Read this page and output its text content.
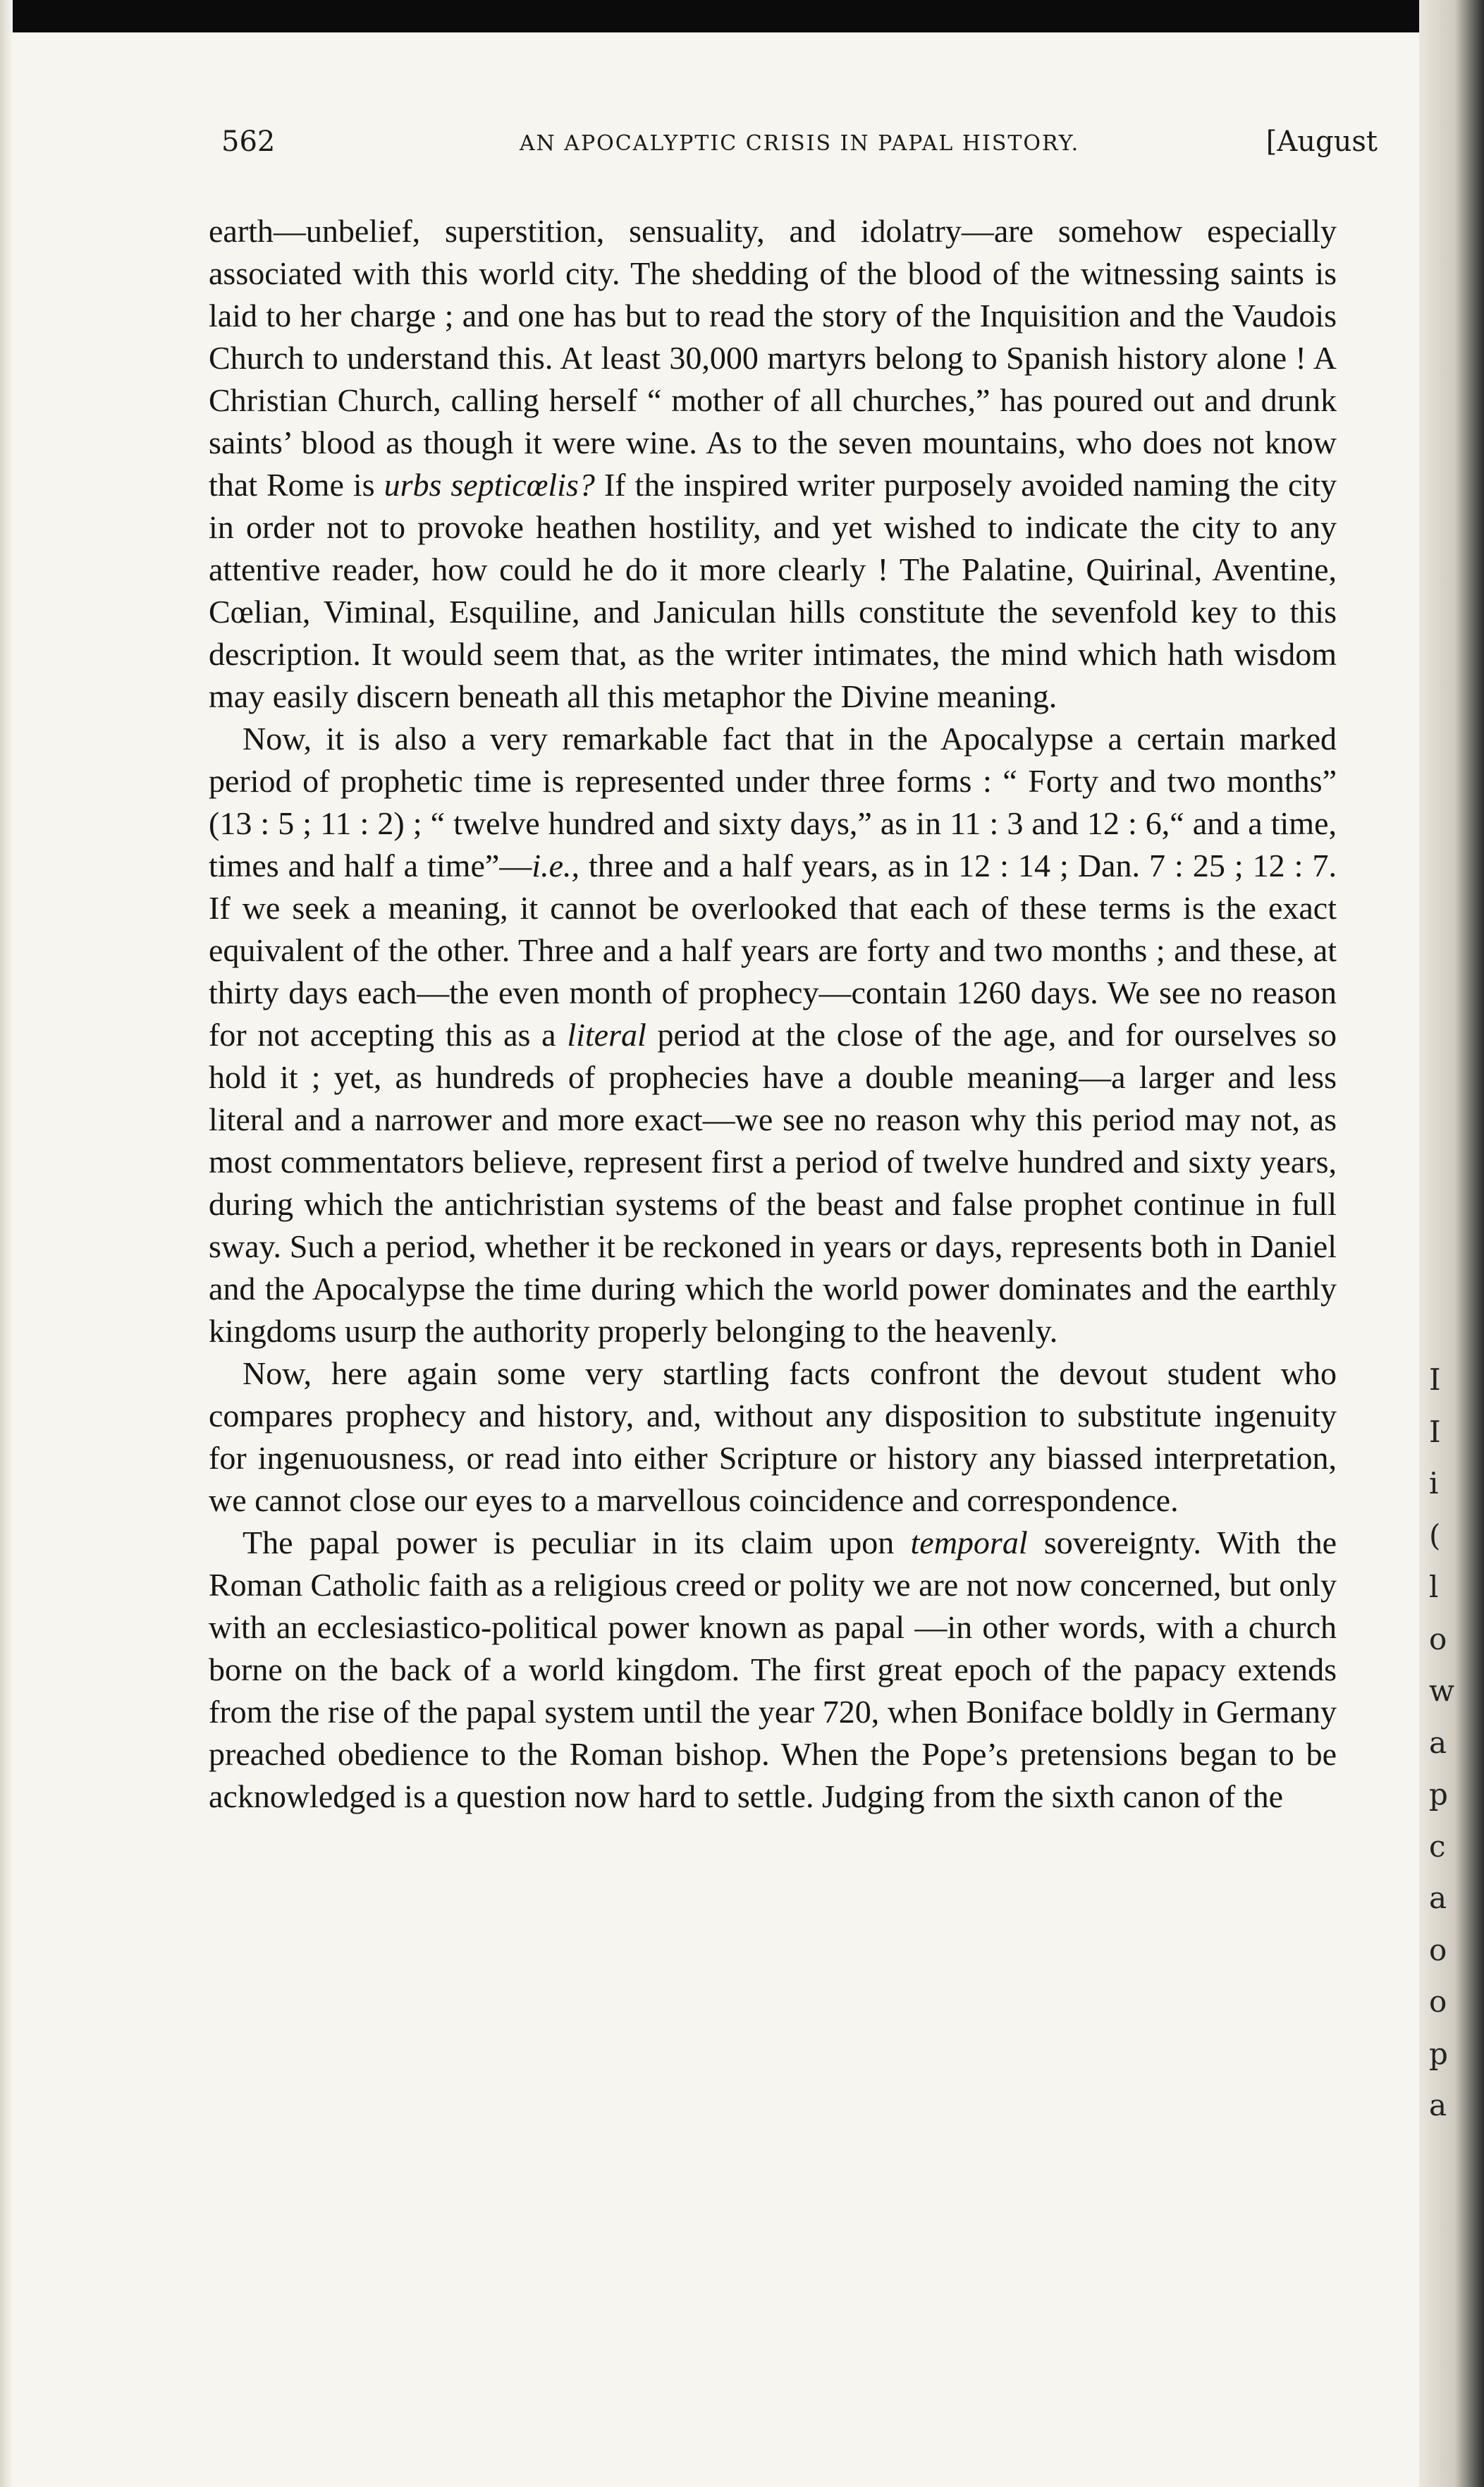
I
I
i
(
l
o
w
a
p
c
a
o
o
p
a
562	AN APOCALYPTIC CRISIS IN PAPAL HISTORY.	[August

earth—unbelief, superstition, sensuality, and idolatry—are somehow especially associated with this world city. The shedding of the blood of the witnessing saints is laid to her charge ; and one has but to read the story of the Inquisition and the Vaudois Church to understand this. At least 30,000 martyrs belong to Spanish history alone ! A Christian Church, calling herself “ mother of all churches,” has poured out and drunk saints’ blood as though it were wine. As to the seven mountains, who does not know that Rome is urbs septicœlis? If the inspired writer purposely avoided naming the city in order not to provoke heathen hostility, and yet wished to indicate the city to any attentive reader, how could he do it more clearly ! The Palatine, Quirinal, Aventine, Cœlian, Viminal, Esquiline, and Janiculan hills constitute the sevenfold key to this description. It would seem that, as the writer intimates, the mind which hath wisdom may easily discern beneath all this metaphor the Divine meaning.

Now, it is also a very remarkable fact that in the Apocalypse a certain marked period of prophetic time is represented under three forms : “ Forty and two months” (13 : 5 ; 11 : 2) ; “ twelve hundred and sixty days,” as in 11 : 3 and 12 : 6,“ and a time, times and half a time”—i.e., three and a half years, as in 12 : 14 ; Dan. 7 : 25 ; 12 : 7. If we seek a meaning, it cannot be overlooked that each of these terms is the exact equivalent of the other. Three and a half years are forty and two months ; and these, at thirty days each—the even month of prophecy—contain 1260 days. We see no reason for not accepting this as a literal period at the close of the age, and for ourselves so hold it ; yet, as hundreds of prophecies have a double meaning—a larger and less literal and a narrower and more exact—we see no reason why this period may not, as most commentators believe, represent first a period of twelve hundred and sixty years, during which the antichristian systems of the beast and false prophet continue in full sway. Such a period, whether it be reckoned in years or days, represents both in Daniel and the Apocalypse the time during which the world power dominates and the earthly kingdoms usurp the authority properly belonging to the heavenly.

Now, here again some very startling facts confront the devout student who compares prophecy and history, and, without any disposition to substitute ingenuity for ingenuousness, or read into either Scripture or history any biassed interpretation, we cannot close our eyes to a marvellous coincidence and correspondence.

The papal power is peculiar in its claim upon temporal sovereignty. With the Roman Catholic faith as a religious creed or polity we are not now concerned, but only with an ecclesiastico-political power known as papal —in other words, with a church borne on the back of a world kingdom. The first great epoch of the papacy extends from the rise of the papal system until the year 720, when Boniface boldly in Germany preached obedience to the Roman bishop. When the Pope’s pretensions began to be acknowledged is a question now hard to settle. Judging from the sixth canon of the
